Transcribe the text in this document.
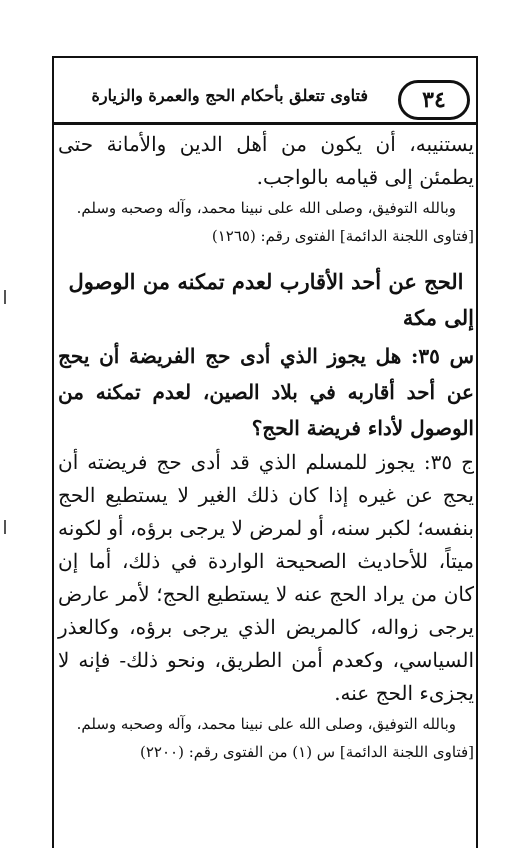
٣٤
فتاوى تتعلق بأحكام الحج والعمرة والزيارة

يستنيبه، أن يكون من أهل الدين والأمانة حتى يطمئن إلى قيامه بالواجب.

وبالله التوفيق، وصلى الله على نبينا محمد، وآله وصحبه وسلم.

[فتاوى اللجنة الدائمة] الفتوى رقم: (١٢٦٥)

الحج عن أحد الأقارب لعدم تمكنه من الوصول إلى مكة

س ٣٥: هل يجوز الذي أدى حج الفريضة أن يحج عن أحد أقاربه في بلاد الصين، لعدم تمكنه من الوصول لأداء فريضة الحج؟

ج ٣٥: يجوز للمسلم الذي قد أدى حج فريضته أن يحج عن غيره إذا كان ذلك الغير لا يستطيع الحج بنفسه؛ لكبر سنه، أو لمرض لا يرجى برؤه، أو لكونه ميتاً، للأحاديث الصحيحة الواردة في ذلك، أما إن كان من يراد الحج عنه لا يستطيع الحج؛ لأمر عارض يرجى زواله، كالمريض الذي يرجى برؤه، وكالعذر السياسي، وكعدم أمن الطريق، ونحو ذلك- فإنه لا يجزىء الحج عنه.

وبالله التوفيق، وصلى الله على نبينا محمد، وآله وصحبه وسلم.

[فتاوى اللجنة الدائمة] س (١) من الفتوى رقم: (٢٢٠٠)
